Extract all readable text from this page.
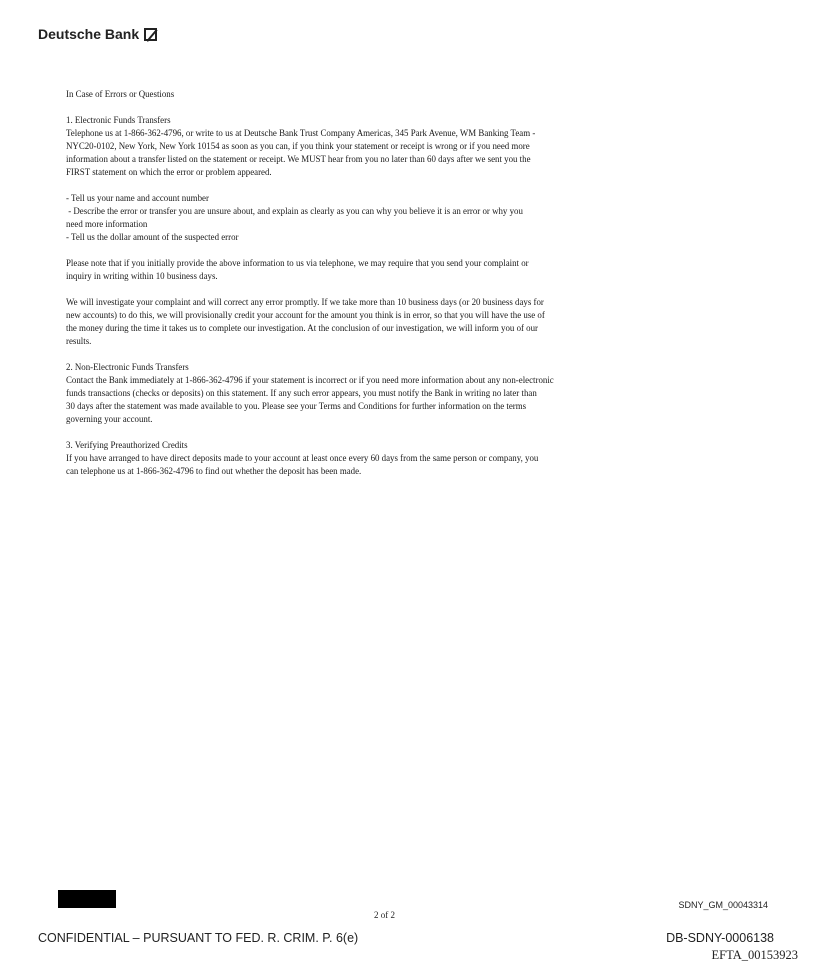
Deutsche Bank

In Case of Errors or Questions

1. Electronic Funds Transfers
Telephone us at 1-866-362-4796, or write to us at Deutsche Bank Trust Company Americas, 345 Park Avenue, WM Banking Team -
NYC20-0102, New York, New York 10154 as soon as you can, if you think your statement or receipt is wrong or if you need more
information about a transfer listed on the statement or receipt. We MUST hear from you no later than 60 days after we sent you the
FIRST statement on which the error or problem appeared.

- Tell us your name and account number
- Describe the error or transfer you are unsure about, and explain as clearly as you can why you believe it is an error or why you
need more information
- Tell us the dollar amount of the suspected error

Please note that if you initially provide the above information to us via telephone, we may require that you send your complaint or
inquiry in writing within 10 business days.

We will investigate your complaint and will correct any error promptly. If we take more than 10 business days (or 20 business days for
new accounts) to do this, we will provisionally credit your account for the amount you think is in error, so that you will have the use of
the money during the time it takes us to complete our investigation. At the conclusion of our investigation, we will inform you of our
results.

2. Non-Electronic Funds Transfers
Contact the Bank immediately at 1-866-362-4796 if your statement is incorrect or if you need more information about any non-electronic
funds transactions (checks or deposits) on this statement. If any such error appears, you must notify the Bank in writing no later than
30 days after the statement was made available to you. Please see your Terms and Conditions for further information on the terms
governing your account.

3. Verifying Preauthorized Credits
If you have arranged to have direct deposits made to your account at least once every 60 days from the same person or company, you
can telephone us at 1-866-362-4796 to find out whether the deposit has been made.

2 of 2
SDNY_GM_00043314
CONFIDENTIAL – PURSUANT TO FED. R. CRIM. P. 6(e)	DB-SDNY-0006138
EFTA_00153923
